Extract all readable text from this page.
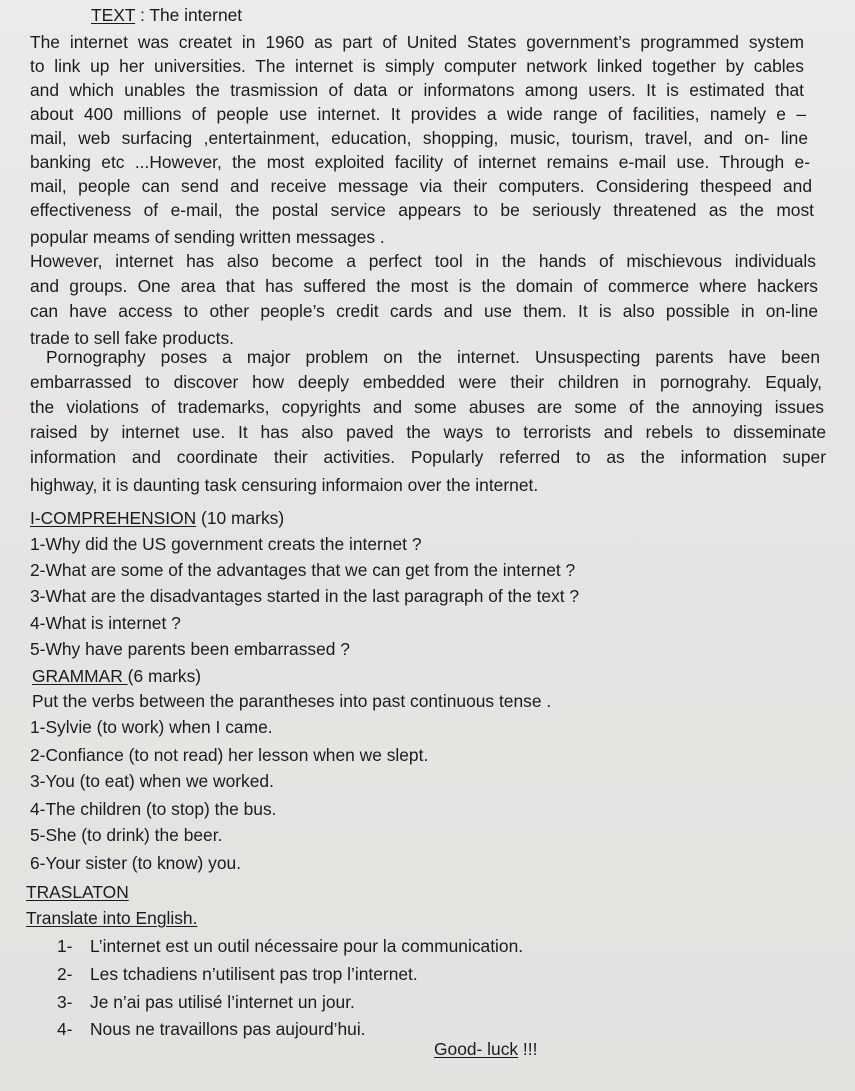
TEXT : The internet
The internet was createt in 1960 as part of United States government’s programmed system
to link up her universities. The internet is simply computer network linked together by cables
and which unables the trasmission of data or informatons among users. It is estimated that
about 400 millions of people use internet. It provides a wide range of facilities, namely e –
mail, web surfacing ,entertainment, education, shopping, music, tourism, travel, and on- line
banking etc ...However, the most exploited facility of internet remains e-mail use. Through e-
mail, people can send and receive message via their computers. Considering thespeed and
effectiveness of e-mail, the postal service appears to be seriously threatened as the most
popular meams of sending written messages .
However, internet has also become a perfect tool in the hands of mischievous individuals
and groups. One area that has suffered the most is the domain of commerce where hackers
can have access to other people’s credit cards and use them. It is also possible in on-line
trade to sell fake products.
Pornography poses a major problem on the internet. Unsuspecting parents have been
embarrassed to discover how deeply embedded were their children in pornograhy. Equaly,
the violations of trademarks, copyrights and some abuses are some of the annoying issues
raised by internet use. It has also paved the ways to terrorists and rebels to disseminate
information and coordinate their activities. Popularly referred to as the information super
highway, it is daunting task censuring informaion over the internet.
I-COMPREHENSION (10 marks)
1-Why did the US government creats the internet ?
2-What are some of the advantages that we can get from the internet ?
3-What are the disadvantages started in the last paragraph of the text ?
4-What is internet ?
5-Why have parents been embarrassed ?
GRAMMAR (6 marks)
Put the verbs between the parantheses into past continuous tense .
1-Sylvie (to work) when I came.
2-Confiance (to not read) her lesson when we slept.
3-You (to eat) when we worked.
4-The children (to stop) the bus.
5-She (to drink) the beer.
6-Your sister (to know) you.
TRASLATON
Translate into English.
1- L’internet est un outil nécessaire pour la communication.
2- Les tchadiens n’utilisent pas trop l’internet.
3- Je n’ai pas utilisé l’internet un jour.
4- Nous ne travaillons pas aujourd’hui.
Good- luck !!!
